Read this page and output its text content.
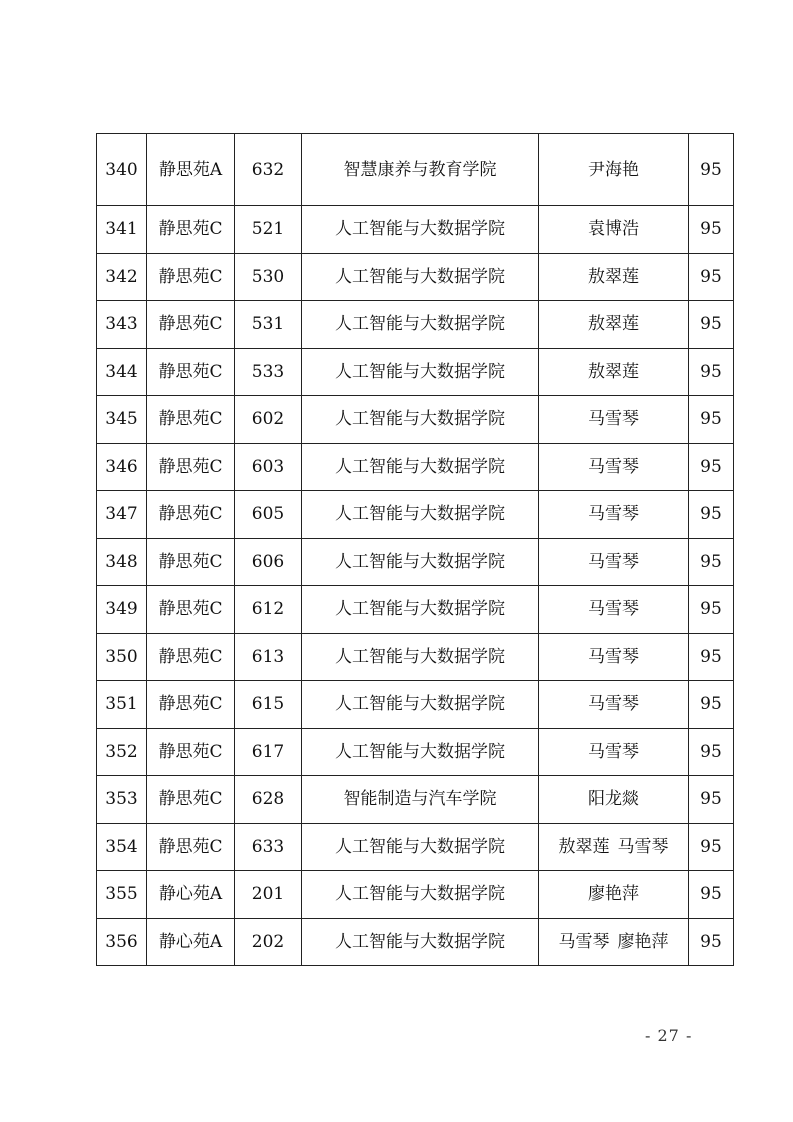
340	静思苑A	632	智慧康养与教育学院	尹海艳	95
341	静思苑C	521	人工智能与大数据学院	袁博浩	95
342	静思苑C	530	人工智能与大数据学院	敖翠莲	95
343	静思苑C	531	人工智能与大数据学院	敖翠莲	95
344	静思苑C	533	人工智能与大数据学院	敖翠莲	95
345	静思苑C	602	人工智能与大数据学院	马雪琴	95
346	静思苑C	603	人工智能与大数据学院	马雪琴	95
347	静思苑C	605	人工智能与大数据学院	马雪琴	95
348	静思苑C	606	人工智能与大数据学院	马雪琴	95
349	静思苑C	612	人工智能与大数据学院	马雪琴	95
350	静思苑C	613	人工智能与大数据学院	马雪琴	95
351	静思苑C	615	人工智能与大数据学院	马雪琴	95
352	静思苑C	617	人工智能与大数据学院	马雪琴	95
353	静思苑C	628	智能制造与汽车学院	阳龙燚	95
354	静思苑C	633	人工智能与大数据学院	敖翠莲 马雪琴	95
355	静心苑A	201	人工智能与大数据学院	廖艳萍	95
356	静心苑A	202	人工智能与大数据学院	马雪琴 廖艳萍	95
- 27 -
